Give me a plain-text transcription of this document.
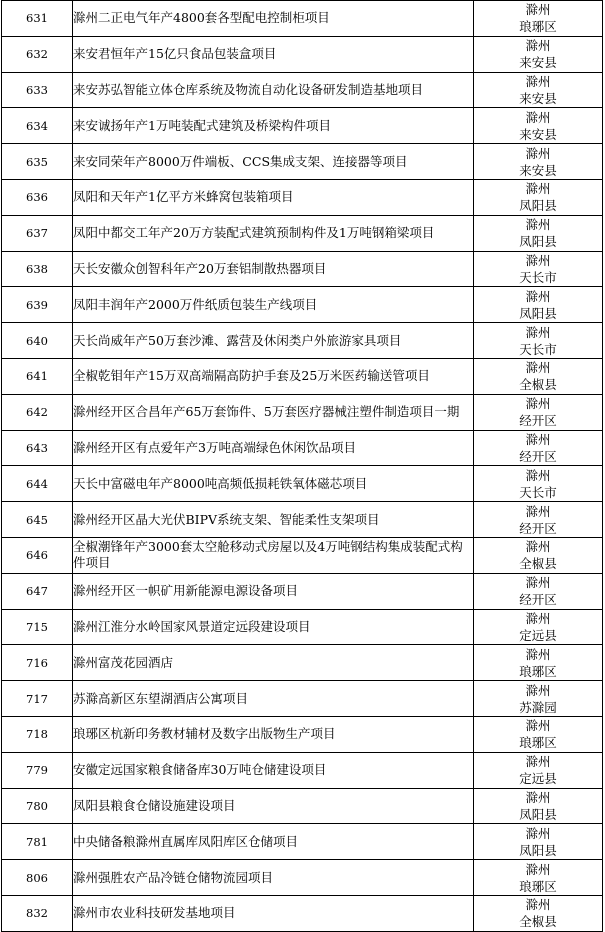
631	滁州二正电气年产4800套各型配电控制柜项目	滁州
琅琊区

632	来安君恒年产15亿只食品包装盒项目	滁州
来安县

633	来安苏弘智能立体仓库系统及物流自动化设备研发制造基地项目	滁州
来安县

634	来安诚扬年产1万吨装配式建筑及桥梁构件项目	滁州
来安县

635	来安同荣年产8000万件端板、CCS集成支架、连接器等项目	滁州
来安县

636	凤阳和天年产1亿平方米蜂窝包装箱项目	滁州
凤阳县

637	凤阳中都交工年产20万方装配式建筑预制构件及1万吨钢箱梁项目	滁州
凤阳县

638	天长安徽众创智科年产20万套铝制散热器项目	滁州
天长市

639	凤阳丰润年产2000万件纸质包装生产线项目	滁州
凤阳县

640	天长尚威年产50万套沙滩、露营及休闲类户外旅游家具项目	滁州
天长市

641	全椒乾钼年产15万双高端隔高防护手套及25万米医药输送管项目	滁州
全椒县

642	滁州经开区合昌年产65万套饰件、5万套医疗器械注塑件制造项目一期	滁州
经开区

643	滁州经开区有点爱年产3万吨高端绿色休闲饮品项目	滁州
经开区

644	天长中富磁电年产8000吨高频低损耗铁氧体磁芯项目	滁州
天长市

645	滁州经开区晶大光伏BIPV系统支架、智能柔性支架项目	滁州
经开区

646	全椒潮锋年产3000套太空舱移动式房屋以及4万吨钢结构集成装配式构件项目	滁州
全椒县

647	滁州经开区一帜矿用新能源电源设备项目	滁州
经开区

715	滁州江淮分水岭国家风景道定远段建设项目	滁州
定远县

716	滁州富茂花园酒店	滁州
琅琊区

717	苏滁高新区东望湖酒店公寓项目	滁州
苏滁园

718	琅琊区杭新印务教材辅材及数字出版物生产项目	滁州
琅琊区

779	安徽定远国家粮食储备库30万吨仓储建设项目	滁州
定远县

780	凤阳县粮食仓储设施建设项目	滁州
凤阳县

781	中央储备粮滁州直属库凤阳库区仓储项目	滁州
凤阳县

806	滁州强胜农产品冷链仓储物流园项目	滁州
琅琊区

832	滁州市农业科技研发基地项目	滁州
全椒县
